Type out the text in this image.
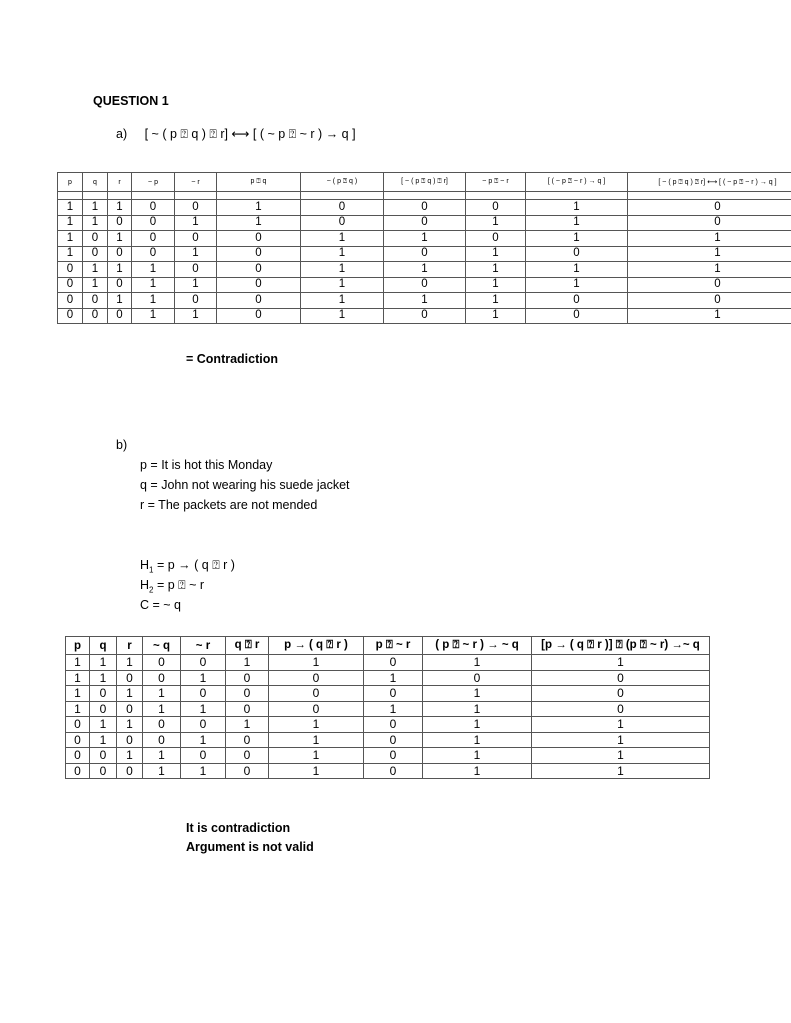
QUESTION 1
a) [ ~ ( p ⍰ q ) ⍰ r] ⟷ [ ( ~ p ⍰ ~ r ) → q ]
p	q	r	~ p	~ r	p ⍰ q	~ ( p ⍰ q )	[ ~ ( p ⍰ q ) ⍰ r]	~ p ⍰ ~ r	[ ( ~ p ⍰ ~ r ) → q ]	[ ~ ( p ⍰ q ) ⍰ r] ⟷ [ ( ~ p ⍰ ~ r ) → q ]

1	1	1	0	0	1	0	0	0	1	0
1	1	0	0	1	1	0	0	1	1	0
1	0	1	0	0	0	1	1	0	1	1
1	0	0	0	1	0	1	0	1	0	1
0	1	1	1	0	0	1	1	1	1	1
0	1	0	1	1	0	1	0	1	1	0
0	0	1	1	0	0	1	1	1	0	0
0	0	0	1	1	0	1	0	1	0	1
= Contradiction
b)
p = It is hot this Monday
q = John not wearing his suede jacket
r = The packets are not mended
$H_1 = p$ → ( q ⍰ r )
$H_2 = p$ ⍰ ~ r
C = ~ q
p	q	r	~ q	~ r	q ⍰ r	p → ( q ⍰ r )	p ⍰ ~ r	( p ⍰ ~ r ) → ~ q	[p → ( q ⍰ r )] ⍰ (p ⍰ ~ r) →~ q
1	1	1	0	0	1	1	0	1	1
1	1	0	0	1	0	0	1	0	0
1	0	1	1	0	0	0	0	1	0
1	0	0	1	1	0	0	1	1	0
0	1	1	0	0	1	1	0	1	1
0	1	0	0	1	0	1	0	1	1
0	0	1	1	0	0	1	0	1	1
0	0	0	1	1	0	1	0	1	1
It is contradiction
Argument is not valid
